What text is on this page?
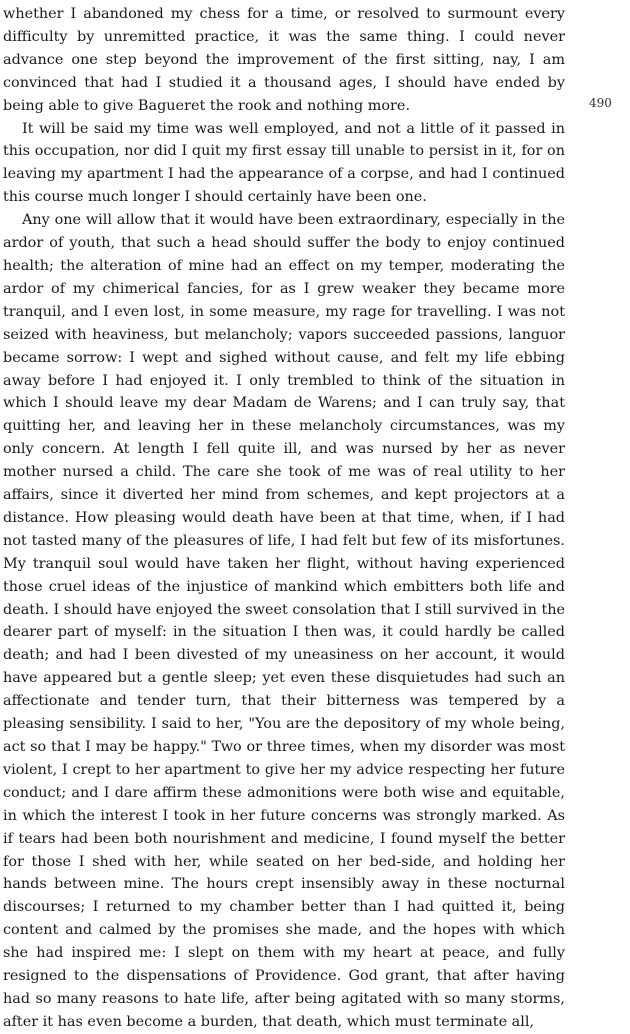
whether I abandoned my chess for a time, or resolved to surmount every difficulty by unremitted practice, it was the same thing. I could never advance one step beyond the improvement of the first sitting, nay, I am convinced that had I studied it a thousand ages, I should have ended by being able to give Bagueret the rook and nothing more.

It will be said my time was well employed, and not a little of it passed in this occupation, nor did I quit my first essay till unable to persist in it, for on leaving my apartment I had the appearance of a corpse, and had I continued this course much longer I should certainly have been one.

Any one will allow that it would have been extraordinary, especially in the ardor of youth, that such a head should suffer the body to enjoy continued health; the alteration of mine had an effect on my temper, moderating the ardor of my chimerical fancies, for as I grew weaker they became more tranquil, and I even lost, in some measure, my rage for travelling. I was not seized with heaviness, but melancholy; vapors succeeded passions, languor became sorrow: I wept and sighed without cause, and felt my life ebbing away before I had enjoyed it. I only trembled to think of the situation in which I should leave my dear Madam de Warens; and I can truly say, that quitting her, and leaving her in these melancholy circumstances, was my only concern. At length I fell quite ill, and was nursed by her as never mother nursed a child. The care she took of me was of real utility to her affairs, since it diverted her mind from schemes, and kept projectors at a distance. How pleasing would death have been at that time, when, if I had not tasted many of the pleasures of life, I had felt but few of its misfortunes. My tranquil soul would have taken her flight, without having experienced those cruel ideas of the injustice of mankind which embitters both life and death. I should have enjoyed the sweet consolation that I still survived in the dearer part of myself: in the situation I then was, it could hardly be called death; and had I been divested of my uneasiness on her account, it would have appeared but a gentle sleep; yet even these disquietudes had such an affectionate and tender turn, that their bitterness was tempered by a pleasing sensibility. I said to her, "You are the depository of my whole being, act so that I may be happy." Two or three times, when my disorder was most violent, I crept to her apartment to give her my advice respecting her future conduct; and I dare affirm these admonitions were both wise and equitable, in which the interest I took in her future concerns was strongly marked. As if tears had been both nourishment and medicine, I found myself the better for those I shed with her, while seated on her bed-side, and holding her hands between mine. The hours crept insensibly away in these nocturnal discourses; I returned to my chamber better than I had quitted it, being content and calmed by the promises she made, and the hopes with which she had inspired me: I slept on them with my heart at peace, and fully resigned to the dispensations of Providence. God grant, that after having had so many reasons to hate life, after being agitated with so many storms, after it has even become a burden, that death, which must terminate all,

490
